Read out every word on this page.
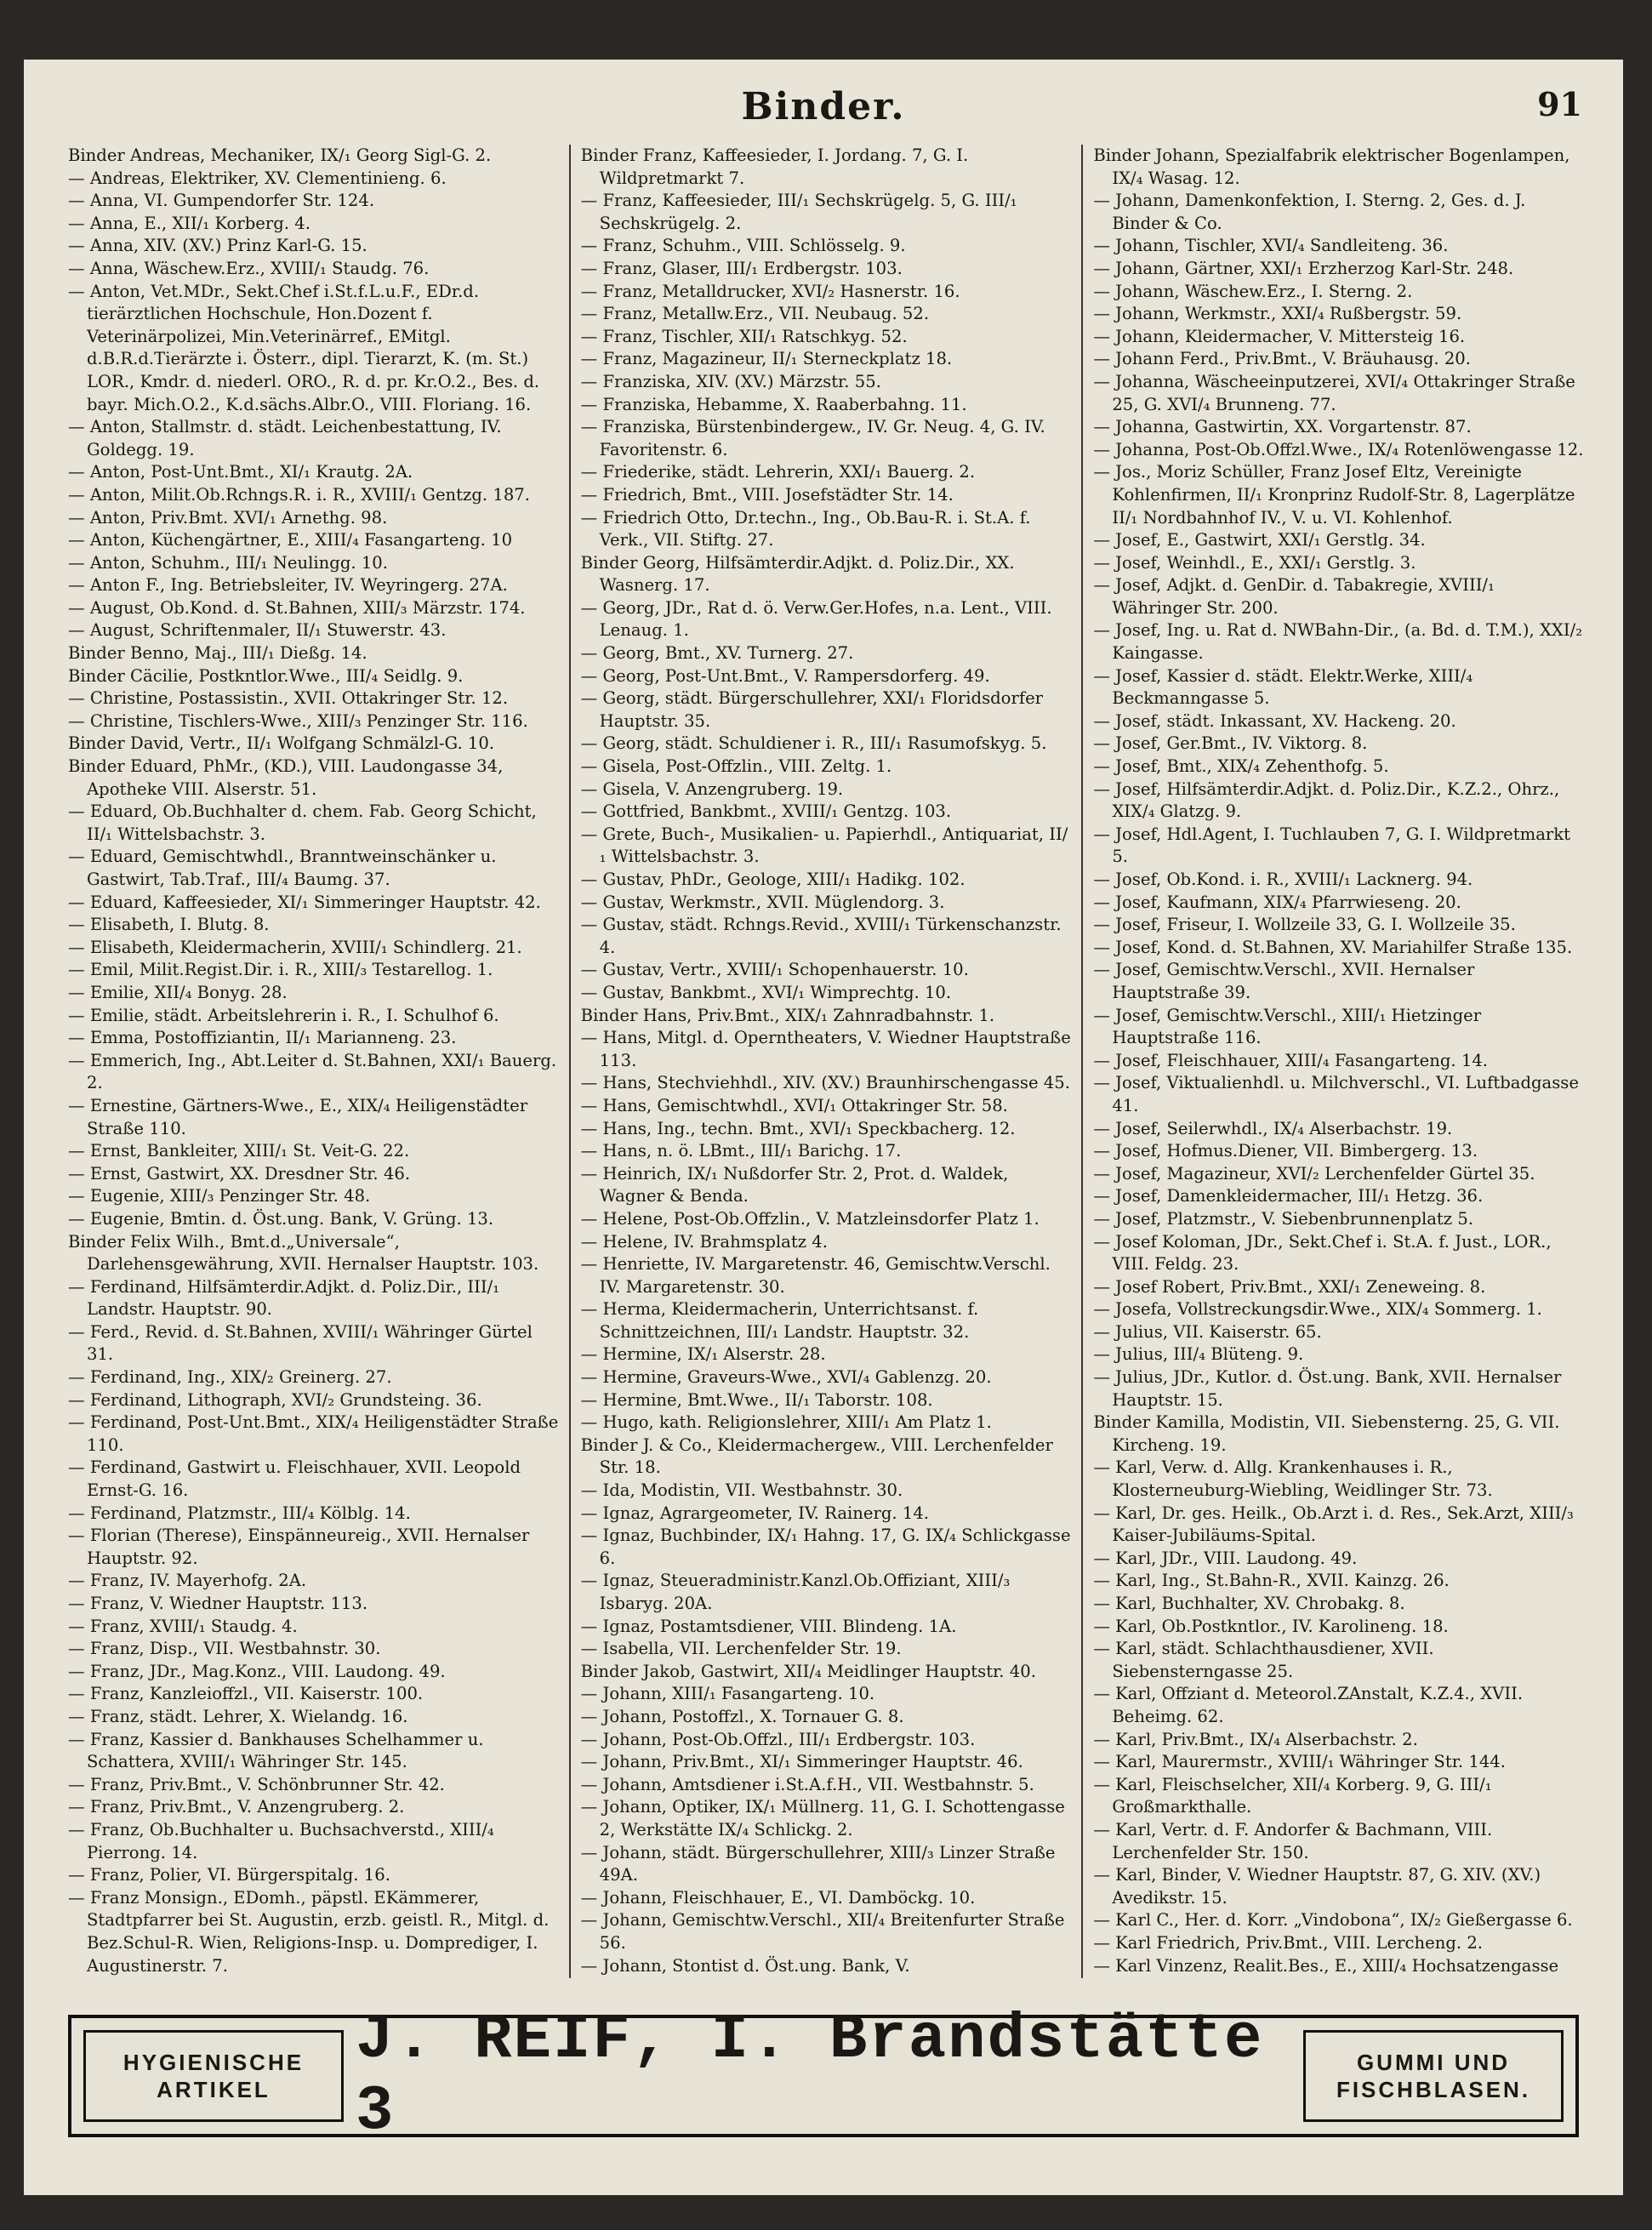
Binder.	91

Binder Andreas, Mechaniker, IX/₁ Georg Sigl-G. 2.

— Andreas, Elektriker, XV. Clementinieng. 6.

— Anna, VI. Gumpendorfer Str. 124.

— Anna, E., XII/₁ Korberg. 4.

— Anna, XIV. (XV.) Prinz Karl-G. 15.

— Anna, Wäschew.Erz., XVIII/₁ Staudg. 76.

— Anton, Vet.MDr., Sekt.Chef i.St.f.L.u.F., EDr.d. tierärztlichen Hochschule, Hon.Dozent f. Veterinärpolizei, Min.Veterinärref., EMitgl. d.B.R.d.Tierärzte i. Österr., dipl. Tierarzt, K. (m. St.) LOR., Kmdr. d. niederl. ORO., R. d. pr. Kr.O.2., Bes. d. bayr. Mich.O.2., K.d.sächs.Albr.O., VIII. Floriang. 16.

— Anton, Stallmstr. d. städt. Leichenbestattung, IV. Goldegg. 19.

— Anton, Post-Unt.Bmt., XI/₁ Krautg. 2A.

— Anton, Milit.Ob.Rchngs.R. i. R., XVIII/₁ Gentzg. 187.

— Anton, Priv.Bmt. XVI/₁ Arnethg. 98.

— Anton, Küchengärtner, E., XIII/₄ Fasangarteng. 10

— Anton, Schuhm., III/₁ Neulingg. 10.

— Anton F., Ing. Betriebsleiter, IV. Weyringerg. 27A.

— August, Ob.Kond. d. St.Bahnen, XIII/₃ Märzstr. 174.

— August, Schriftenmaler, II/₁ Stuwerstr. 43.

Binder Benno, Maj., III/₁ Dießg. 14.

Binder Cäcilie, Postkntlor.Wwe., III/₄ Seidlg. 9.

— Christine, Postassistin., XVII. Ottakringer Str. 12.

— Christine, Tischlers-Wwe., XIII/₃ Penzinger Str. 116.

Binder David, Vertr., II/₁ Wolfgang Schmälzl-G. 10.

Binder Eduard, PhMr., (KD.), VIII. Laudongasse 34, Apotheke VIII. Alserstr. 51.

— Eduard, Ob.Buchhalter d. chem. Fab. Georg Schicht, II/₁ Wittelsbachstr. 3.

— Eduard, Gemischtwhdl., Branntweinschänker u. Gastwirt, Tab.Traf., III/₄ Baumg. 37.

— Eduard, Kaffeesieder, XI/₁ Simmeringer Hauptstr. 42.

— Elisabeth, I. Blutg. 8.

— Elisabeth, Kleidermacherin, XVIII/₁ Schindlerg. 21.

— Emil, Milit.Regist.Dir. i. R., XIII/₃ Testarellog. 1.

— Emilie, XII/₄ Bonyg. 28.

— Emilie, städt. Arbeitslehrerin i. R., I. Schulhof 6.

— Emma, Postoffiziantin, II/₁ Marianneng. 23.

— Emmerich, Ing., Abt.Leiter d. St.Bahnen, XXI/₁ Bauerg. 2.

— Ernestine, Gärtners-Wwe., E., XIX/₄ Heiligenstädter Straße 110.

— Ernst, Bankleiter, XIII/₁ St. Veit-G. 22.

— Ernst, Gastwirt, XX. Dresdner Str. 46.

— Eugenie, XIII/₃ Penzinger Str. 48.

— Eugenie, Bmtin. d. Öst.ung. Bank, V. Grüng. 13.

Binder Felix Wilh., Bmt.d.„Universale“, Darlehensgewährung, XVII. Hernalser Hauptstr. 103.

— Ferdinand, Hilfsämterdir.Adjkt. d. Poliz.Dir., III/₁ Landstr. Hauptstr. 90.

— Ferd., Revid. d. St.Bahnen, XVIII/₁ Währinger Gürtel 31.

— Ferdinand, Ing., XIX/₂ Greinerg. 27.

— Ferdinand, Lithograph, XVI/₂ Grundsteing. 36.

— Ferdinand, Post-Unt.Bmt., XIX/₄ Heiligenstädter Straße 110.

— Ferdinand, Gastwirt u. Fleischhauer, XVII. Leopold Ernst-G. 16.

— Ferdinand, Platzmstr., III/₄ Kölblg. 14.

— Florian (Therese), Einspänneureig., XVII. Hernalser Hauptstr. 92.

— Franz, IV. Mayerhofg. 2A.

— Franz, V. Wiedner Hauptstr. 113.

— Franz, XVIII/₁ Staudg. 4.

— Franz, Disp., VII. Westbahnstr. 30.

— Franz, JDr., Mag.Konz., VIII. Laudong. 49.

— Franz, Kanzleioffzl., VII. Kaiserstr. 100.

— Franz, städt. Lehrer, X. Wielandg. 16.

— Franz, Kassier d. Bankhauses Schelhammer u. Schattera, XVIII/₁ Währinger Str. 145.

— Franz, Priv.Bmt., V. Schönbrunner Str. 42.

— Franz, Priv.Bmt., V. Anzengruberg. 2.

— Franz, Ob.Buchhalter u. Buchsachverstd., XIII/₄ Pierrong. 14.

— Franz, Polier, VI. Bürgerspitalg. 16.

— Franz Monsign., EDomh., päpstl. EKämmerer, Stadtpfarrer bei St. Augustin, erzb. geistl. R., Mitgl. d. Bez.Schul-R. Wien, Religions-Insp. u. Domprediger, I. Augustinerstr. 7.

Binder Franz, Kaffeesieder, I. Jordang. 7, G. I. Wildpretmarkt 7.

— Franz, Kaffeesieder, III/₁ Sechskrügelg. 5, G. III/₁ Sechskrügelg. 2.

— Franz, Schuhm., VIII. Schlösselg. 9.

— Franz, Glaser, III/₁ Erdbergstr. 103.

— Franz, Metalldrucker, XVI/₂ Hasnerstr. 16.

— Franz, Metallw.Erz., VII. Neubaug. 52.

— Franz, Tischler, XII/₁ Ratschkyg. 52.

— Franz, Magazineur, II/₁ Sterneckplatz 18.

— Franziska, XIV. (XV.) Märzstr. 55.

— Franziska, Hebamme, X. Raaberbahng. 11.

— Franziska, Bürstenbindergew., IV. Gr. Neug. 4, G. IV. Favoritenstr. 6.

— Friederike, städt. Lehrerin, XXI/₁ Bauerg. 2.

— Friedrich, Bmt., VIII. Josefstädter Str. 14.

— Friedrich Otto, Dr.techn., Ing., Ob.Bau-R. i. St.A. f. Verk., VII. Stiftg. 27.

Binder Georg, Hilfsämterdir.Adjkt. d. Poliz.Dir., XX. Wasnerg. 17.

— Georg, JDr., Rat d. ö. Verw.Ger.Hofes, n.a. Lent., VIII. Lenaug. 1.

— Georg, Bmt., XV. Turnerg. 27.

— Georg, Post-Unt.Bmt., V. Rampersdorferg. 49.

— Georg, städt. Bürgerschullehrer, XXI/₁ Floridsdorfer Hauptstr. 35.

— Georg, städt. Schuldiener i. R., III/₁ Rasumofskyg. 5.

— Gisela, Post-Offzlin., VIII. Zeltg. 1.

— Gisela, V. Anzengruberg. 19.

— Gottfried, Bankbmt., XVIII/₁ Gentzg. 103.

— Grete, Buch-, Musikalien- u. Papierhdl., Antiquariat, II/₁ Wittelsbachstr. 3.

— Gustav, PhDr., Geologe, XIII/₁ Hadikg. 102.

— Gustav, Werkmstr., XVII. Müglendorg. 3.

— Gustav, städt. Rchngs.Revid., XVIII/₁ Türkenschanzstr. 4.

— Gustav, Vertr., XVIII/₁ Schopenhauerstr. 10.

— Gustav, Bankbmt., XVI/₁ Wimprechtg. 10.

Binder Hans, Priv.Bmt., XIX/₁ Zahnradbahnstr. 1.

— Hans, Mitgl. d. Operntheaters, V. Wiedner Hauptstraße 113.

— Hans, Stechviehhdl., XIV. (XV.) Braunhirschengasse 45.

— Hans, Gemischtwhdl., XVI/₁ Ottakringer Str. 58.

— Hans, Ing., techn. Bmt., XVI/₁ Speckbacherg. 12.

— Hans, n. ö. LBmt., III/₁ Barichg. 17.

— Heinrich, IX/₁ Nußdorfer Str. 2, Prot. d. Waldek, Wagner & Benda.

— Helene, Post-Ob.Offzlin., V. Matzleinsdorfer Platz 1.

— Helene, IV. Brahmsplatz 4.

— Henriette, IV. Margaretenstr. 46, Gemischtw.Verschl. IV. Margaretenstr. 30.

— Herma, Kleidermacherin, Unterrichtsanst. f. Schnittzeichnen, III/₁ Landstr. Hauptstr. 32.

— Hermine, IX/₁ Alserstr. 28.

— Hermine, Graveurs-Wwe., XVI/₄ Gablenzg. 20.

— Hermine, Bmt.Wwe., II/₁ Taborstr. 108.

— Hugo, kath. Religionslehrer, XIII/₁ Am Platz 1.

Binder J. & Co., Kleidermachergew., VIII. Lerchenfelder Str. 18.

— Ida, Modistin, VII. Westbahnstr. 30.

— Ignaz, Agrargeometer, IV. Rainerg. 14.

— Ignaz, Buchbinder, IX/₁ Hahng. 17, G. IX/₄ Schlickgasse 6.

— Ignaz, Steueradministr.Kanzl.Ob.Offiziant, XIII/₃ Isbaryg. 20A.

— Ignaz, Postamtsdiener, VIII. Blindeng. 1A.

— Isabella, VII. Lerchenfelder Str. 19.

Binder Jakob, Gastwirt, XII/₄ Meidlinger Hauptstr. 40.

— Johann, XIII/₁ Fasangarteng. 10.

— Johann, Postoffzl., X. Tornauer G. 8.

— Johann, Post-Ob.Offzl., III/₁ Erdbergstr. 103.

— Johann, Priv.Bmt., XI/₁ Simmeringer Hauptstr. 46.

— Johann, Amtsdiener i.St.A.f.H., VII. Westbahnstr. 5.

— Johann, Optiker, IX/₁ Müllnerg. 11, G. I. Schottengasse 2, Werkstätte IX/₄ Schlickg. 2.

— Johann, städt. Bürgerschullehrer, XIII/₃ Linzer Straße 49A.

— Johann, Fleischhauer, E., VI. Damböckg. 10.

— Johann, Gemischtw.Verschl., XII/₄ Breitenfurter Straße 56.

— Johann, Stontist d. Öst.ung. Bank, V.

Binder Johann, Spezialfabrik elektrischer Bogenlampen, IX/₄ Wasag. 12.

— Johann, Damenkonfektion, I. Sterng. 2, Ges. d. J. Binder & Co.

— Johann, Tischler, XVI/₄ Sandleiteng. 36.

— Johann, Gärtner, XXI/₁ Erzherzog Karl-Str. 248.

— Johann, Wäschew.Erz., I. Sterng. 2.

— Johann, Werkmstr., XXI/₄ Rußbergstr. 59.

— Johann, Kleidermacher, V. Mittersteig 16.

— Johann Ferd., Priv.Bmt., V. Bräuhausg. 20.

— Johanna, Wäscheeinputzerei, XVI/₄ Ottakringer Straße 25, G. XVI/₄ Brunneng. 77.

— Johanna, Gastwirtin, XX. Vorgartenstr. 87.

— Johanna, Post-Ob.Offzl.Wwe., IX/₄ Rotenlöwengasse 12.

— Jos., Moriz Schüller, Franz Josef Eltz, Vereinigte Kohlenfirmen, II/₁ Kronprinz Rudolf-Str. 8, Lagerplätze II/₁ Nordbahnhof IV., V. u. VI. Kohlenhof.

— Josef, E., Gastwirt, XXI/₁ Gerstlg. 34.

— Josef, Weinhdl., E., XXI/₁ Gerstlg. 3.

— Josef, Adjkt. d. GenDir. d. Tabakregie, XVIII/₁ Währinger Str. 200.

— Josef, Ing. u. Rat d. NWBahn-Dir., (a. Bd. d. T.M.), XXI/₂ Kaingasse.

— Josef, Kassier d. städt. Elektr.Werke, XIII/₄ Beckmanngasse 5.

— Josef, städt. Inkassant, XV. Hackeng. 20.

— Josef, Ger.Bmt., IV. Viktorg. 8.

— Josef, Bmt., XIX/₄ Zehenthofg. 5.

— Josef, Hilfsämterdir.Adjkt. d. Poliz.Dir., K.Z.2., Ohrz., XIX/₄ Glatzg. 9.

— Josef, Hdl.Agent, I. Tuchlauben 7, G. I. Wildpretmarkt 5.

— Josef, Ob.Kond. i. R., XVIII/₁ Lacknerg. 94.

— Josef, Kaufmann, XIX/₄ Pfarrwieseng. 20.

— Josef, Friseur, I. Wollzeile 33, G. I. Wollzeile 35.

— Josef, Kond. d. St.Bahnen, XV. Mariahilfer Straße 135.

— Josef, Gemischtw.Verschl., XVII. Hernalser Hauptstraße 39.

— Josef, Gemischtw.Verschl., XIII/₁ Hietzinger Hauptstraße 116.

— Josef, Fleischhauer, XIII/₄ Fasangarteng. 14.

— Josef, Viktualienhdl. u. Milchverschl., VI. Luftbadgasse 41.

— Josef, Seilerwhdl., IX/₄ Alserbachstr. 19.

— Josef, Hofmus.Diener, VII. Bimbergerg. 13.

— Josef, Magazineur, XVI/₂ Lerchenfelder Gürtel 35.

— Josef, Damenkleidermacher, III/₁ Hetzg. 36.

— Josef, Platzmstr., V. Siebenbrunnenplatz 5.

— Josef Koloman, JDr., Sekt.Chef i. St.A. f. Just., LOR., VIII. Feldg. 23.

— Josef Robert, Priv.Bmt., XXI/₁ Zeneweing. 8.

— Josefa, Vollstreckungsdir.Wwe., XIX/₄ Sommerg. 1.

— Julius, VII. Kaiserstr. 65.

— Julius, III/₄ Blüteng. 9.

— Julius, JDr., Kutlor. d. Öst.ung. Bank, XVII. Hernalser Hauptstr. 15.

Binder Kamilla, Modistin, VII. Siebensterng. 25, G. VII. Kircheng. 19.

— Karl, Verw. d. Allg. Krankenhauses i. R., Klosterneuburg-Wiebling, Weidlinger Str. 73.

— Karl, Dr. ges. Heilk., Ob.Arzt i. d. Res., Sek.Arzt, XIII/₃ Kaiser-Jubiläums-Spital.

— Karl, JDr., VIII. Laudong. 49.

— Karl, Ing., St.Bahn-R., XVII. Kainzg. 26.

— Karl, Buchhalter, XV. Chrobakg. 8.

— Karl, Ob.Postkntlor., IV. Karolineng. 18.

— Karl, städt. Schlachthausdiener, XVII. Siebensterngasse 25.

— Karl, Offziant d. Meteorol.ZAnstalt, K.Z.4., XVII. Beheimg. 62.

— Karl, Priv.Bmt., IX/₄ Alserbachstr. 2.

— Karl, Maurermstr., XVIII/₁ Währinger Str. 144.

— Karl, Fleischselcher, XII/₄ Korberg. 9, G. III/₁ Großmarkthalle.

— Karl, Vertr. d. F. Andorfer & Bachmann, VIII. Lerchenfelder Str. 150.

— Karl, Binder, V. Wiedner Hauptstr. 87, G. XIV. (XV.) Avedikstr. 15.

— Karl C., Her. d. Korr. „Vindobona“, IX/₂ Gießergasse 6.

— Karl Friedrich, Priv.Bmt., VIII. Lercheng. 2.

— Karl Vinzenz, Realit.Bes., E., XIII/₄ Hochsatzengasse

HYGIENISCHE
ARTIKEL
J. REIF, I. Brandstätte 3
GUMMI UND
FISCHBLASEN.
